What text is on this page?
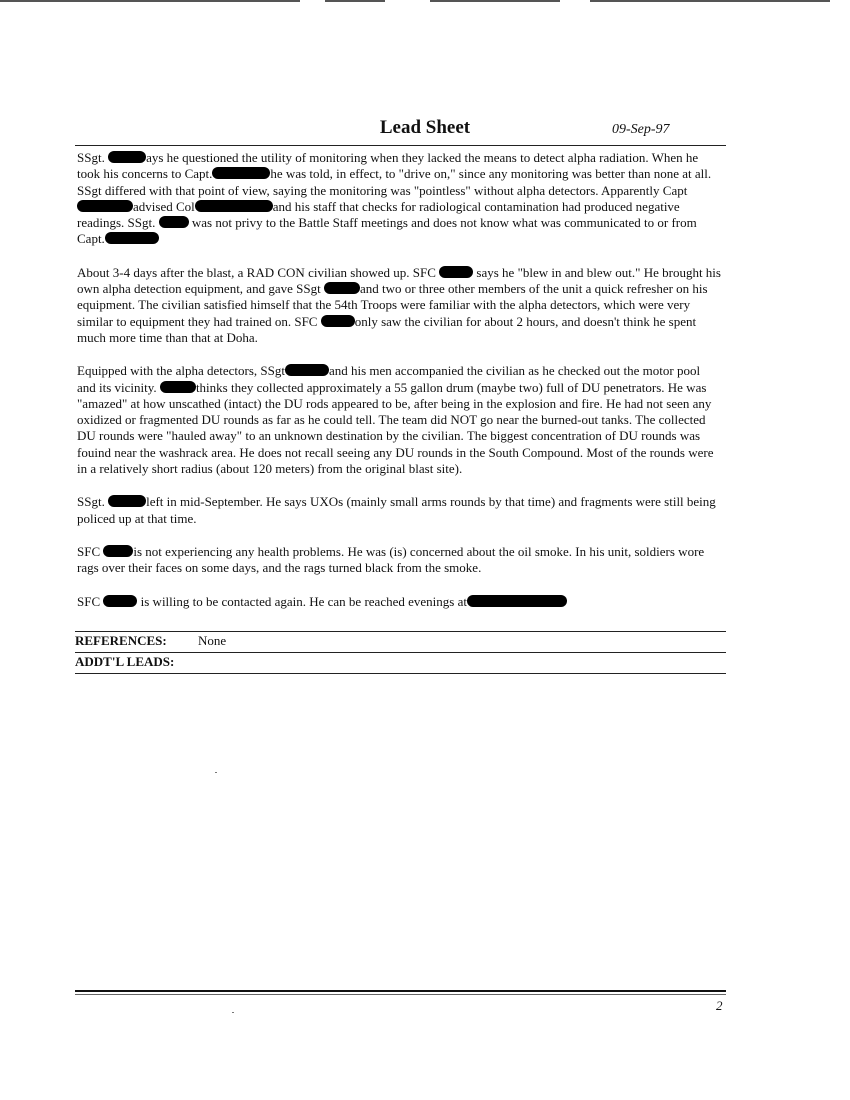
Lead Sheet	09-Sep-97

SSgt.	ays he questioned the utility of monitoring when they lacked the means to detect alpha radiation. When he took his concerns to Capt.	he was told, in effect, to "drive on," since any monitoring was better than none at all. SSgt differed with that point of view, saying the monitoring was "pointless" without alpha detectors. Apparently Captadvised Col	and his staff that checks for radiological contamination had produced negative readings. SSgt.  was not privy to the Battle Staff meetings and does not know what was communicated to or from Capt.

About 3-4 days after the blast, a RAD CON civilian showed up. SFC	says he "blew in and blew out." He brought his own alpha detection equipment, and gave SSgt	and two or three other members of the unit a quick refresher on his equipment. The civilian satisfied himself that the 54th Troops were familiar with the alpha detectors, which were very similar to equipment they had trained on. SFC	only saw the civilian for about 2 hours, and doesn't think he spent much more time than that at Doha.

Equipped with the alpha detectors, SSgt	and his men accompanied the civilian as he checked out the motor pool and its vicinity.	thinks they collected approximately a 55 gallon drum (maybe two) full of DU penetrators. He was "amazed" at how unscathed (intact) the DU rods appeared to be, after being in the explosion and fire. He had not seen any oxidized or fragmented DU rounds as far as he could tell. The team did NOT go near the burned-out tanks. The collected DU rounds were "hauled away" to an unknown destination by the civilian. The biggest concentration of DU rounds was fouind near the washrack area. He does not recall seeing any DU rounds in the South Compound. Most of the rounds were in a relatively short radius (about 120 meters) from the original blast site).

SSgt.	left in mid-September. He says UXOs (mainly small arms rounds by that time) and fragments were still being policed up at that time.

SFC is not experiencing any health problems. He was (is) concerned about the oil smoke. In his unit, soldiers wore rags over their faces on some days, and the rags turned black from the smoke.

SFC	is willing to be contacted again. He can be reached evenings at

REFERENCES: None
ADDT'L LEADS:
2
